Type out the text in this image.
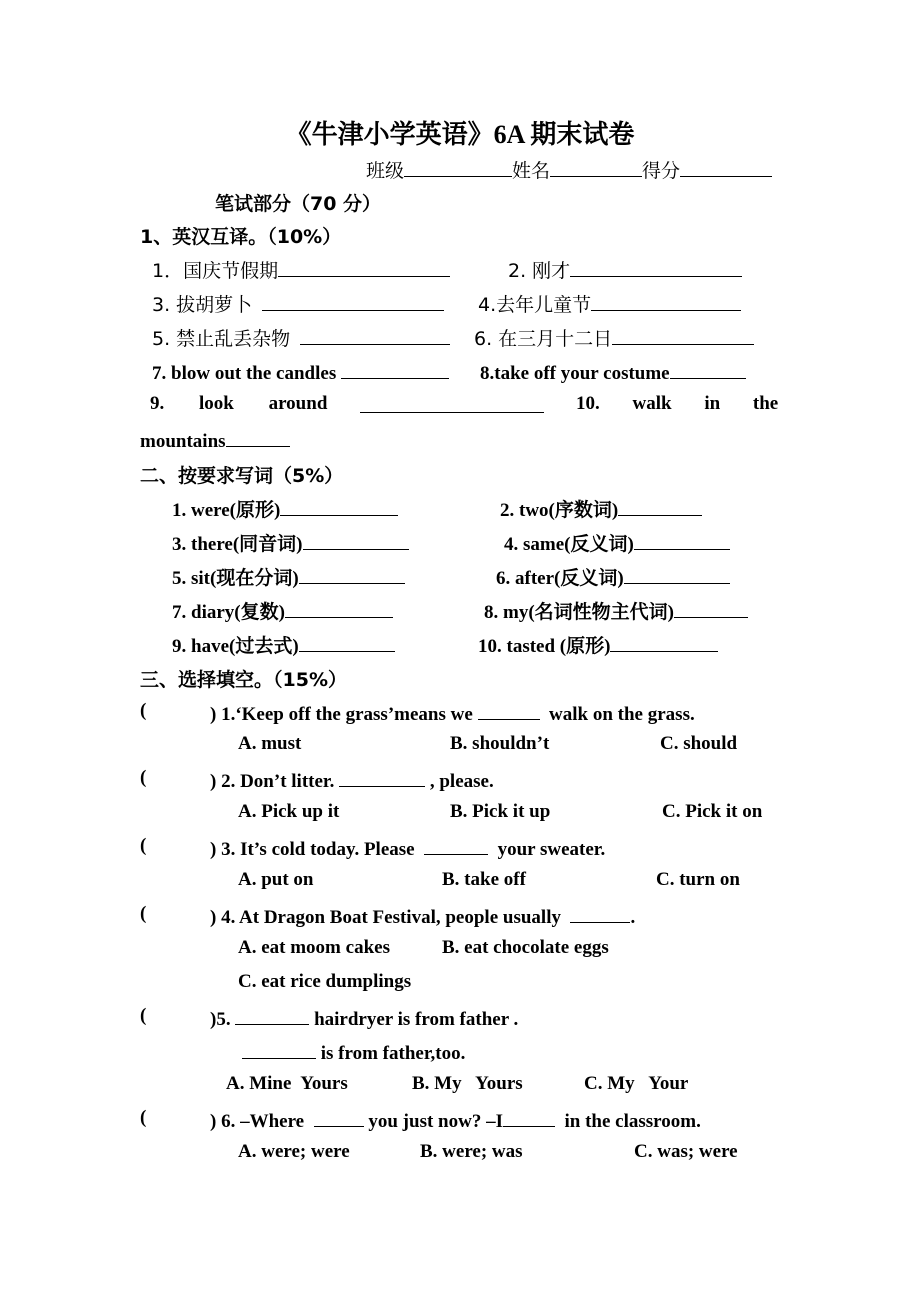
《牛津小学英语》6A 期末试卷
班级	姓名	得分
笔试部分（70 分）
1、英汉互译。（10%）
1．国庆节假期	2. 刚才
3. 拔胡萝卜	4.去年儿童节
5. 禁止乱丢杂物	6. 在三月十二日
7. blow out the candles	8.take off your costume
9. look around	10. walk in the
mountains
二、按要求写词（5%）
1. were(原形)	2. two(序数词)
3. there(同音词)	4. same(反义词)
5. sit(现在分词)	6. after(反义词)
7. diary(复数)	8. my(名词性物主代词)
9. have(过去式)	10. tasted (原形)
三、选择填空。（15%）
(	) 1.‘Keep off the grass’means we	walk on the grass.
A. must	B. shouldn’t	C. should
(	) 2. Don’t litter.	, please.
A. Pick up it	B. Pick it up	C. Pick it on
(	) 3. It’s cold today. Please	your sweater.
A. put on	B. take off	C. turn on
(	) 4. At Dragon Boat Festival, people usually	.
A. eat moom cakes	B. eat chocolate eggs
C. eat rice dumplings
(	)5.	hairdryer is from father .
is from father,too.
A. Mine  Yours	B. My   Yours	C. My   Your
(	) 6. –Where	you just now? –I	in the classroom.
A. were; were	B. were; was	C. was; were
